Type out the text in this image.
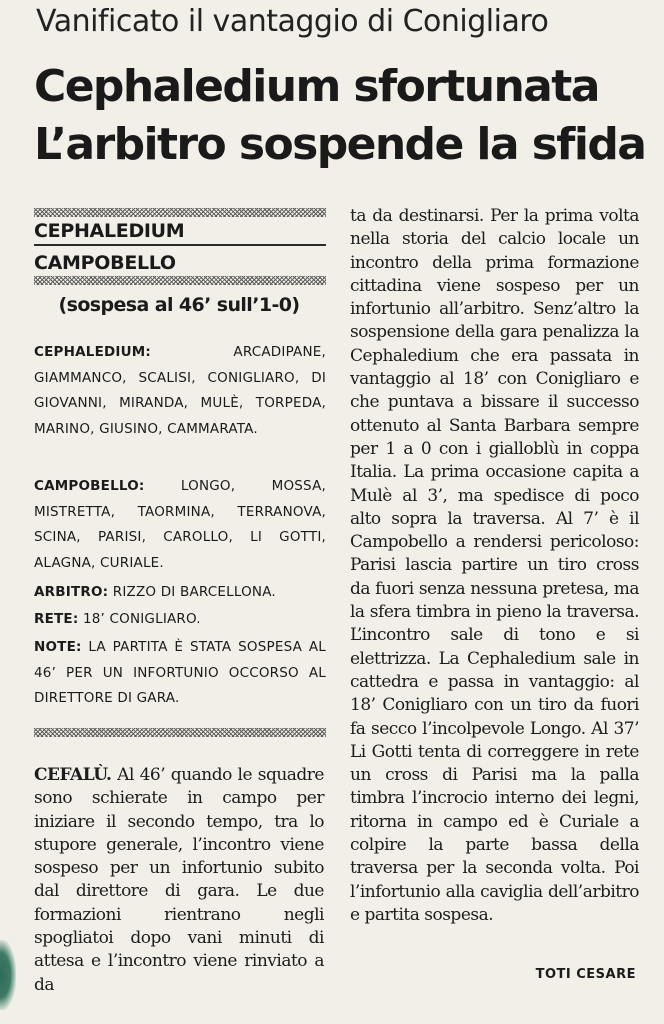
Vanificato il vantaggio di Conigliaro
Cephaledium sfortunata
L’arbitro sospende la sfida
CEPHALEDIUM
CAMPOBELLO
(sospesa al 46’ sull’1-0)
CEPHALEDIUM: ARCADIPANE, GIAMMANCO, SCALISI, CONIGLIARO, DI GIOVANNI, MIRANDA, MULÈ, TORPEDA, MARINO, GIUSINO, CAMMARATA.
CAMPOBELLO: LONGO, MOSSA, MISTRETTA, TAORMINA, TERRANOVA, SCINA, PARISI, CAROLLO, LI GOTTI, ALAGNA, CURIALE.
ARBITRO: RIZZO DI BARCELLONA.
RETE: 18’ CONIGLIARO.
NOTE: LA PARTITA È STATA SOSPESA AL 46’ PER UN INFORTUNIO OCCORSO AL DIRETTORE DI GARA.
CEFALÙ. Al 46’ quando le squadre sono schierate in campo per iniziare il secondo tempo, tra lo stupore generale, l’incontro viene sospeso per un infortunio subito dal direttore di gara. Le due formazioni rientrano negli spogliatoi dopo vani minuti di attesa e l’incontro viene rinviato a da
ta da destinarsi. Per la prima volta nella storia del calcio locale un incontro della prima formazione cittadina viene sospeso per un infortunio all’arbitro. Senz’altro la sospensione della gara penalizza la Cephaledium che era passata in vantaggio al 18’ con Conigliaro e che puntava a bissare il successo ottenuto al Santa Barbara sempre per 1 a 0 con i gialloblù in coppa Italia. La prima occasione capita a Mulè al 3’, ma spedisce di poco alto sopra la traversa. Al 7’ è il Campobello a rendersi pericoloso: Parisi lascia partire un tiro cross da fuori senza nessuna pretesa, ma la sfera timbra in pieno la traversa. L’incontro sale di tono e si elettrizza. La Cephaledium sale in cattedra e passa in vantaggio: al 18’ Conigliaro con un tiro da fuori fa secco l’incolpevole Longo. Al 37’ Li Gotti tenta di correggere in rete un cross di Parisi ma la palla timbra l’incrocio interno dei legni, ritorna in campo ed è Curiale a colpire la parte bassa della traversa per la seconda volta. Poi l’infortunio alla caviglia dell’arbitro e partita sospesa.
TOTI CESARE
